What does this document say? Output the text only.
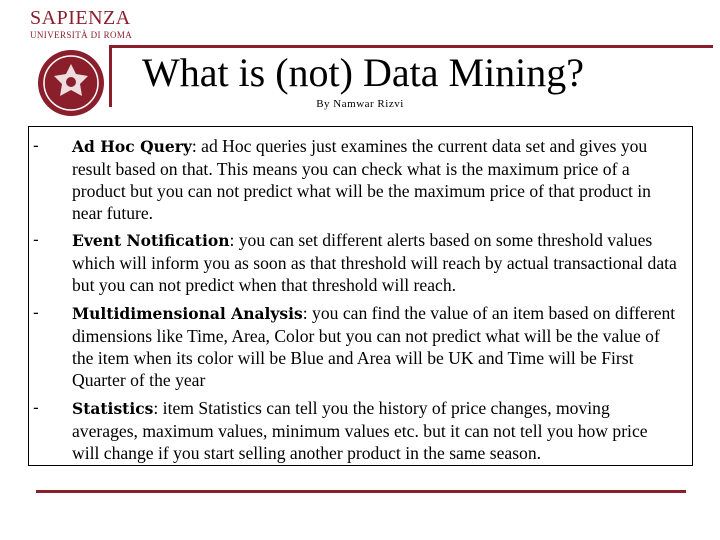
SAPIENZA
UNIVERSITÀ DI ROMA
What is (not) Data Mining?
By Namwar Rizvi
- Ad Hoc Query: ad Hoc queries just examines the current data set and gives you result based on that. This means you can check what is the maximum price of a product but you can not predict what will be the maximum price of that product in near future.
- Event Notification: you can set different alerts based on some threshold values which will inform you as soon as that threshold will reach by actual transactional data but you can not predict when that threshold will reach.
- Multidimensional Analysis: you can find the value of an item based on different dimensions like Time, Area, Color but you can not predict what will be the value of the item when its color will be Blue and Area will be UK and Time will be First Quarter of the year
- Statistics: item Statistics can tell you the history of price changes, moving averages, maximum values, minimum values etc. but it can not tell you how price will change if you start selling another product in the same season.
